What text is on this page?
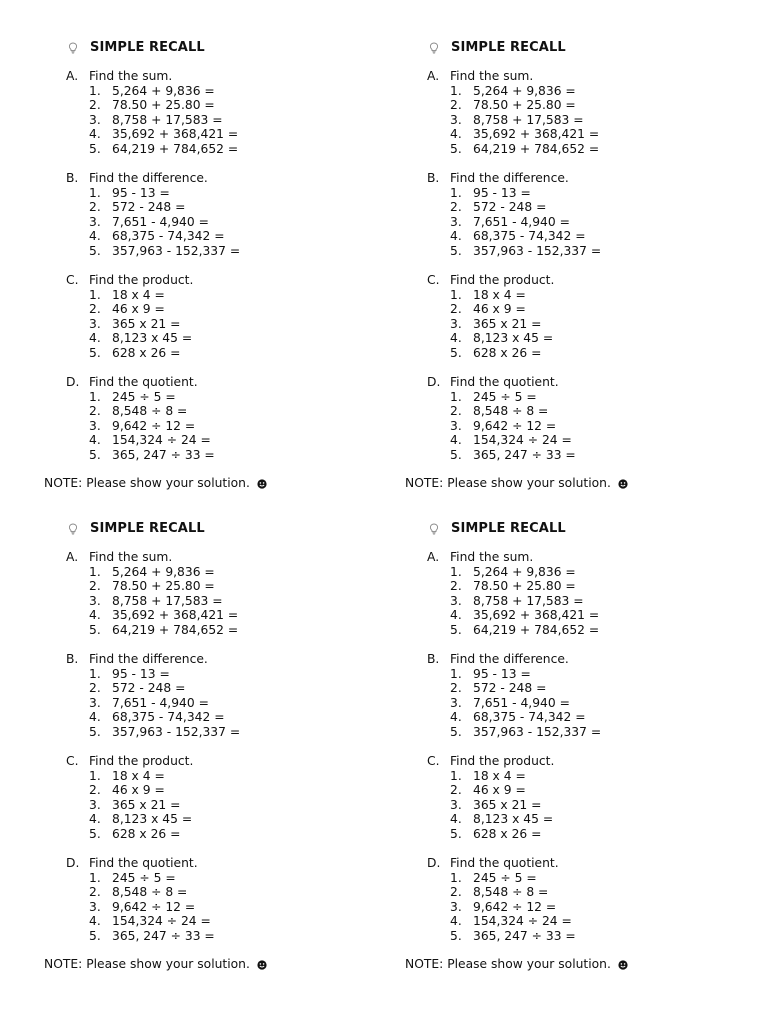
SIMPLE RECALL
A. Find the sum.
1. 5,264 + 9,836 =
2. 78.50 + 25.80 =
3. 8,758 + 17,583 =
4. 35,692 + 368,421 =
5. 64,219 + 784,652 =
B. Find the difference.
1. 95 - 13 =
2. 572 - 248 =
3. 7,651 - 4,940 =
4. 68,375 - 74,342 =
5. 357,963 - 152,337 =
C. Find the product.
1. 18 x 4 =
2. 46 x 9 =
3. 365 x 21 =
4. 8,123 x 45 =
5. 628 x 26 =
D. Find the quotient.
1. 245 ÷ 5 =
2. 8,548 ÷ 8 =
3. 9,642 ÷ 12 =
4. 154,324 ÷ 24 =
5. 365, 247 ÷ 33 =
NOTE: Please show your solution.
SIMPLE RECALL
A. Find the sum.
1. 5,264 + 9,836 =
2. 78.50 + 25.80 =
3. 8,758 + 17,583 =
4. 35,692 + 368,421 =
5. 64,219 + 784,652 =
B. Find the difference.
1. 95 - 13 =
2. 572 - 248 =
3. 7,651 - 4,940 =
4. 68,375 - 74,342 =
5. 357,963 - 152,337 =
C. Find the product.
1. 18 x 4 =
2. 46 x 9 =
3. 365 x 21 =
4. 8,123 x 45 =
5. 628 x 26 =
D. Find the quotient.
1. 245 ÷ 5 =
2. 8,548 ÷ 8 =
3. 9,642 ÷ 12 =
4. 154,324 ÷ 24 =
5. 365, 247 ÷ 33 =
NOTE: Please show your solution.
SIMPLE RECALL
A. Find the sum.
1. 5,264 + 9,836 =
2. 78.50 + 25.80 =
3. 8,758 + 17,583 =
4. 35,692 + 368,421 =
5. 64,219 + 784,652 =
B. Find the difference.
1. 95 - 13 =
2. 572 - 248 =
3. 7,651 - 4,940 =
4. 68,375 - 74,342 =
5. 357,963 - 152,337 =
C. Find the product.
1. 18 x 4 =
2. 46 x 9 =
3. 365 x 21 =
4. 8,123 x 45 =
5. 628 x 26 =
D. Find the quotient.
1. 245 ÷ 5 =
2. 8,548 ÷ 8 =
3. 9,642 ÷ 12 =
4. 154,324 ÷ 24 =
5. 365, 247 ÷ 33 =
NOTE: Please show your solution.
SIMPLE RECALL
A. Find the sum.
1. 5,264 + 9,836 =
2. 78.50 + 25.80 =
3. 8,758 + 17,583 =
4. 35,692 + 368,421 =
5. 64,219 + 784,652 =
B. Find the difference.
1. 95 - 13 =
2. 572 - 248 =
3. 7,651 - 4,940 =
4. 68,375 - 74,342 =
5. 357,963 - 152,337 =
C. Find the product.
1. 18 x 4 =
2. 46 x 9 =
3. 365 x 21 =
4. 8,123 x 45 =
5. 628 x 26 =
D. Find the quotient.
1. 245 ÷ 5 =
2. 8,548 ÷ 8 =
3. 9,642 ÷ 12 =
4. 154,324 ÷ 24 =
5. 365, 247 ÷ 33 =
NOTE: Please show your solution.
